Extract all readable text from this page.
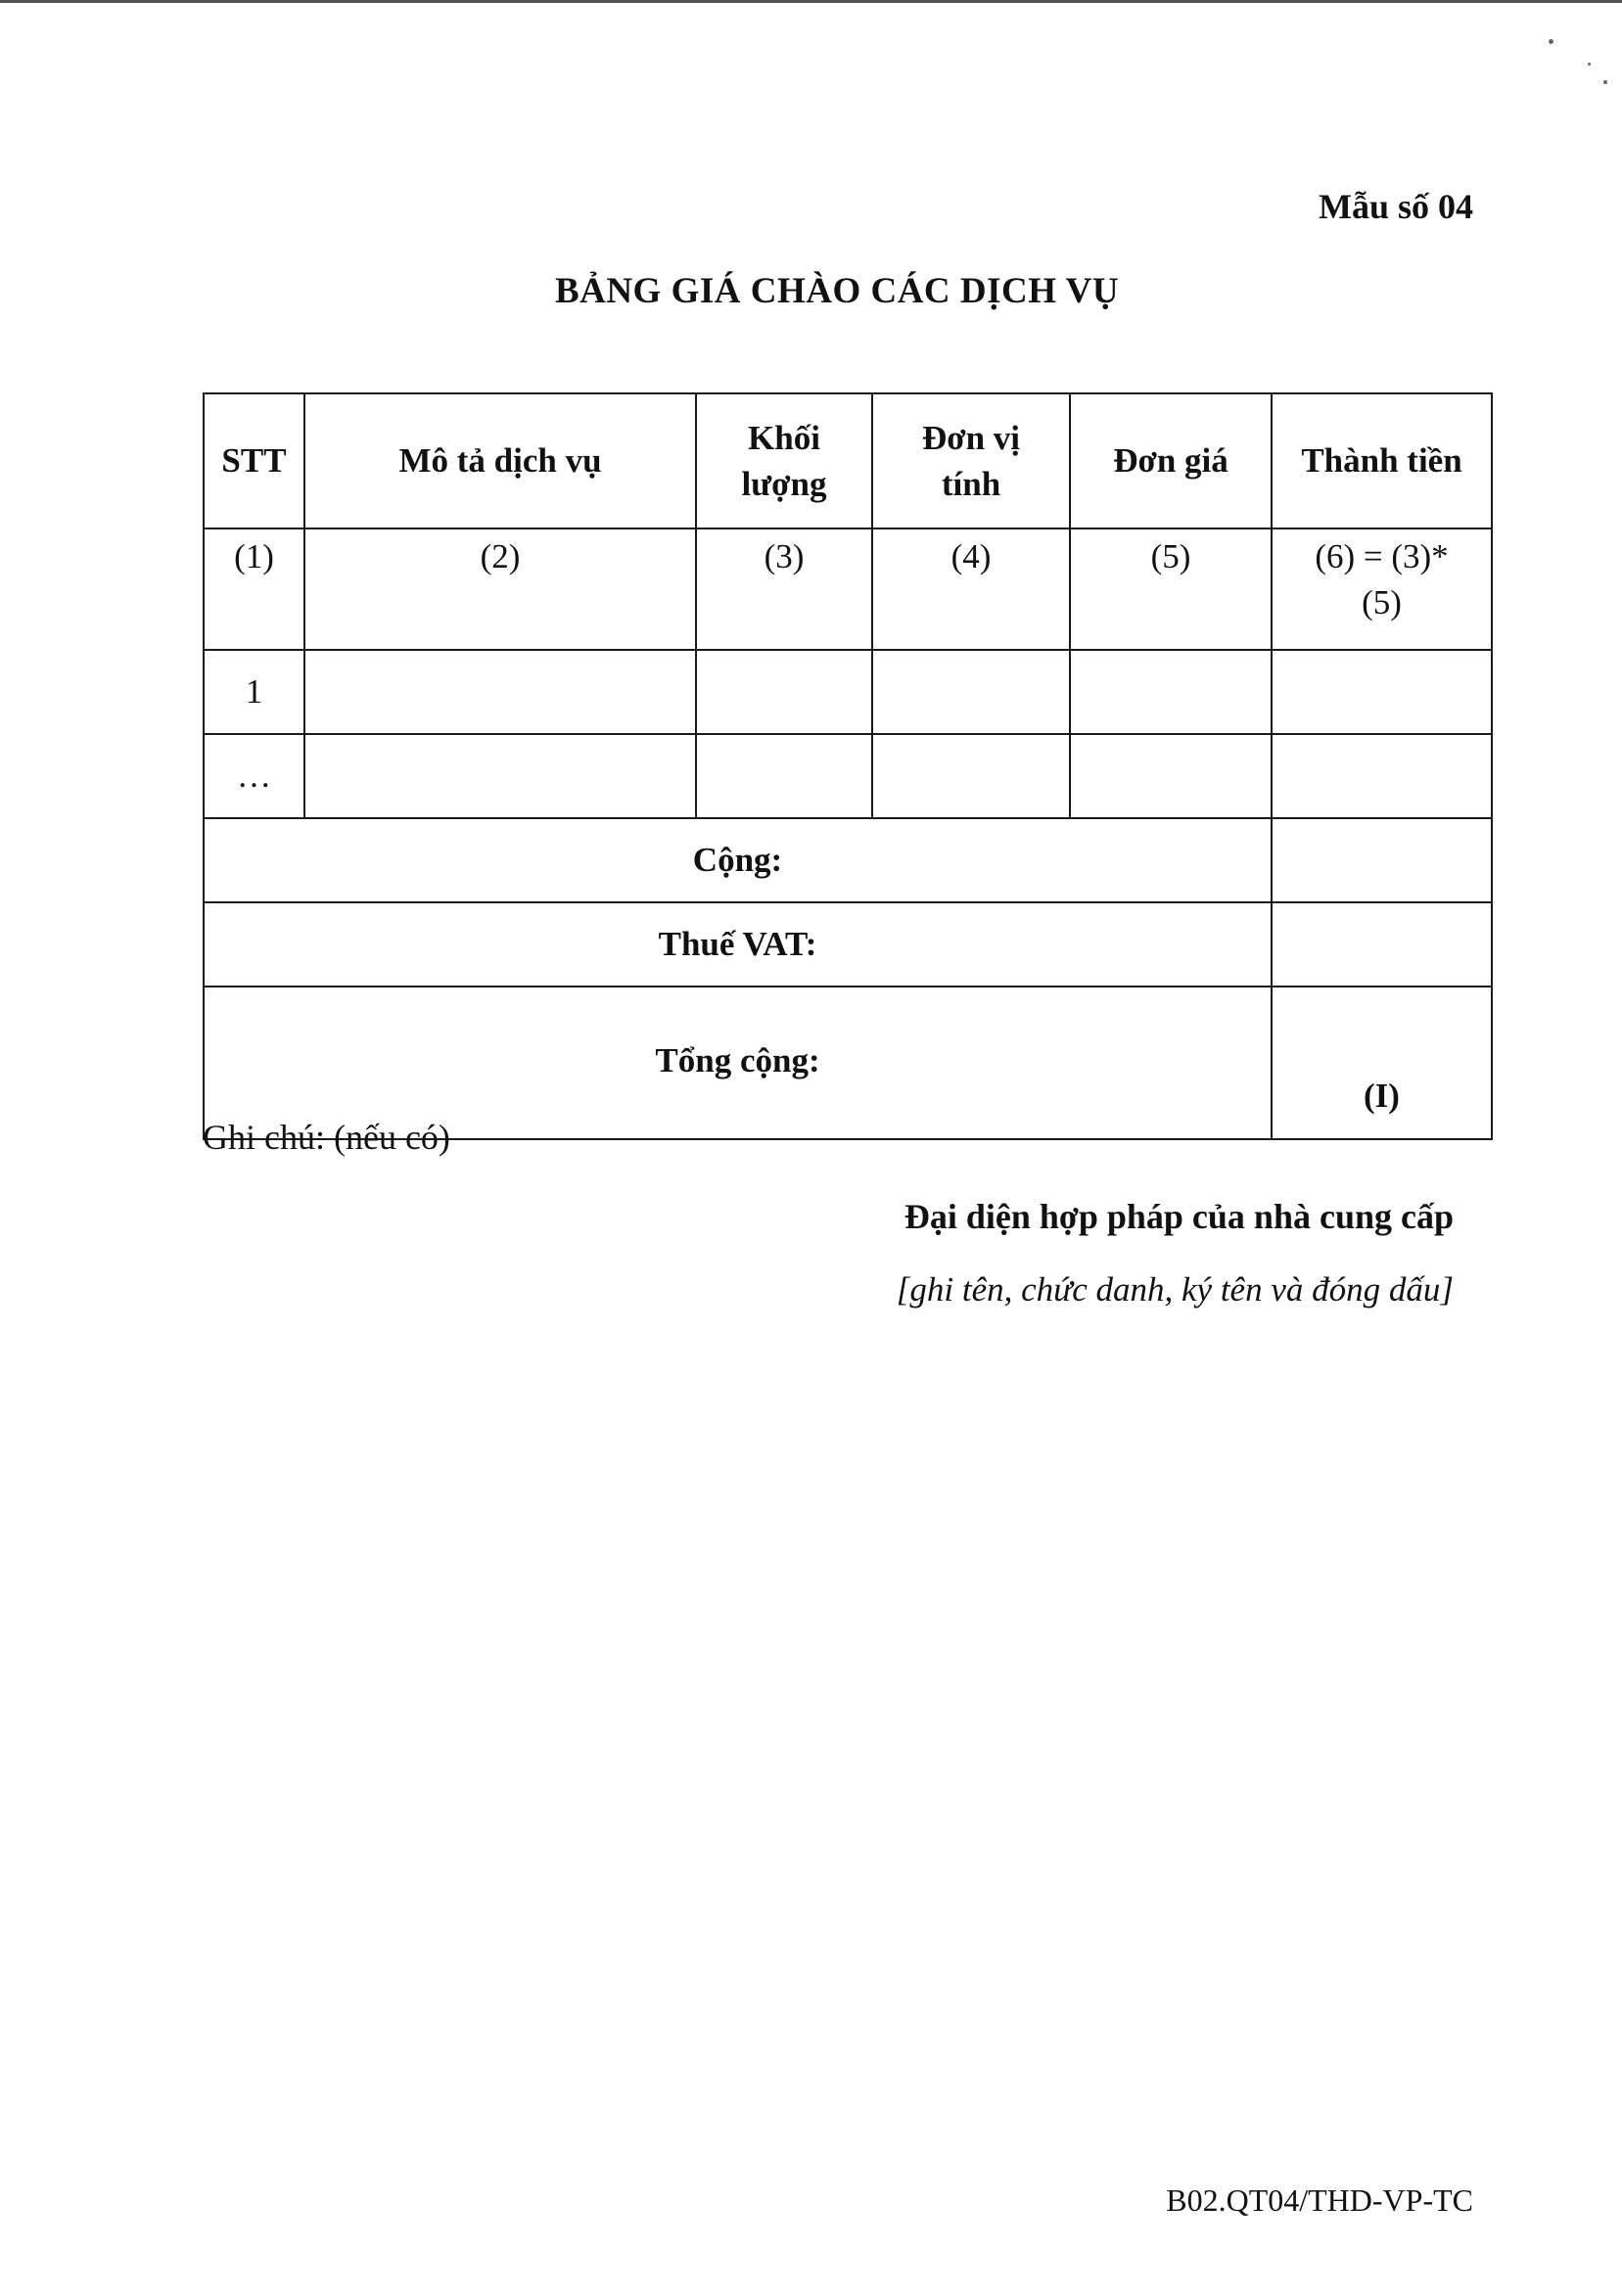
Mẫu số 04
BẢNG GIÁ CHÀO CÁC DỊCH VỤ
STT	Mô tả dịch vụ	Khối lượng	Đơn vị tính	Đơn giá	Thành tiền
(1)	(2)	(3)	(4)	(5)	(6) = (3)*(5)
1					
…					
Cộng:					
Thuế VAT:					
Tổng cộng:					(I)
Ghi chú: (nếu có)
Đại diện hợp pháp của nhà cung cấp
[ghi tên, chức danh, ký tên và đóng dấu]
B02.QT04/THD-VP-TC
